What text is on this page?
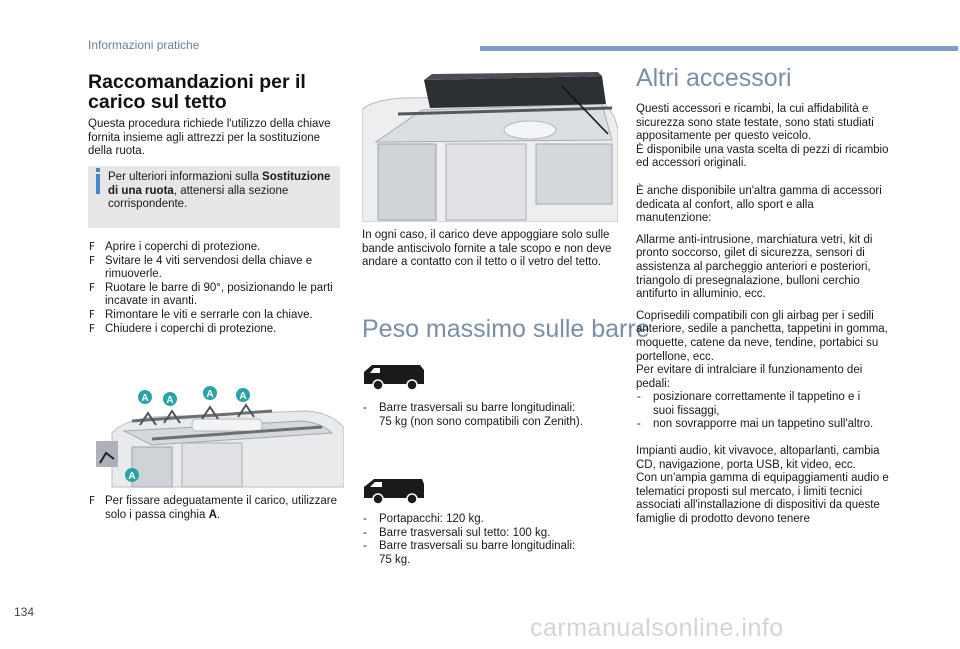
Informazioni pratiche
Raccomandazioni per il
carico sul tetto

Questa procedura richiede l'utilizzo della chiave fornita insieme agli attrezzi per la sostituzione della ruota.

Per ulteriori informazioni sulla Sostituzione di una ruota, attenersi alla sezione corrispondente.

F Aprire i coperchi di protezione.

F Svitare le 4 viti servendosi della chiave e rimuoverle.

F Ruotare le barre di 90°, posizionando le parti incavate in avanti.

F Rimontare le viti e serrarle con la chiave.

F Chiudere i coperchi di protezione.

A A
A	A
A

F Per fissare adeguatamente il carico, utilizzare solo i passa cinghia A.

In ogni caso, il carico deve appoggiare solo sulle bande antiscivolo fornite a tale scopo e non deve andare a contatto con il tetto o il vetro del tetto.

Peso massimo sulle barre

- Barre trasversali su barre longitudinali:
75 kg (non sono compatibili con Zenith).

- Portapacchi: 120 kg.

- Barre trasversali sul tetto: 100 kg.

- Barre trasversali su barre longitudinali:
75 kg.

Altri accessori

Questi accessori e ricambi, la cui affidabilità e sicurezza sono state testate, sono stati studiati appositamente per questo veicolo.

È disponibile una vasta scelta di pezzi di ricambio ed accessori originali.

È anche disponibile un'altra gamma di accessori dedicata al confort, allo sport e alla manutenzione:

Allarme anti-intrusione, marchiatura vetri, kit di pronto soccorso, gilet di sicurezza, sensori di assistenza al parcheggio anteriori e posteriori, triangolo di presegnalazione, bulloni cerchio antifurto in alluminio, ecc.

Coprisedili compatibili con gli airbag per i sedili anteriore, sedile a panchetta, tappetini in gomma, moquette, catene da neve, tendine, portabici su portellone, ecc.

Per evitare di intralciare il funzionamento dei pedali:

- posizionare correttamente il tappetino e i
suoi fissaggi,

- non sovrapporre mai un tappetino sull'altro.

Impianti audio, kit vivavoce, altoparlanti, cambia CD, navigazione, porta USB, kit video, ecc.

Con un'ampia gamma di equipaggiamenti audio e telematici proposti sul mercato, i limiti tecnici associati all'installazione di dispositivi da queste famiglie di prodotto devono tenere

134
carmanualsonline.info
